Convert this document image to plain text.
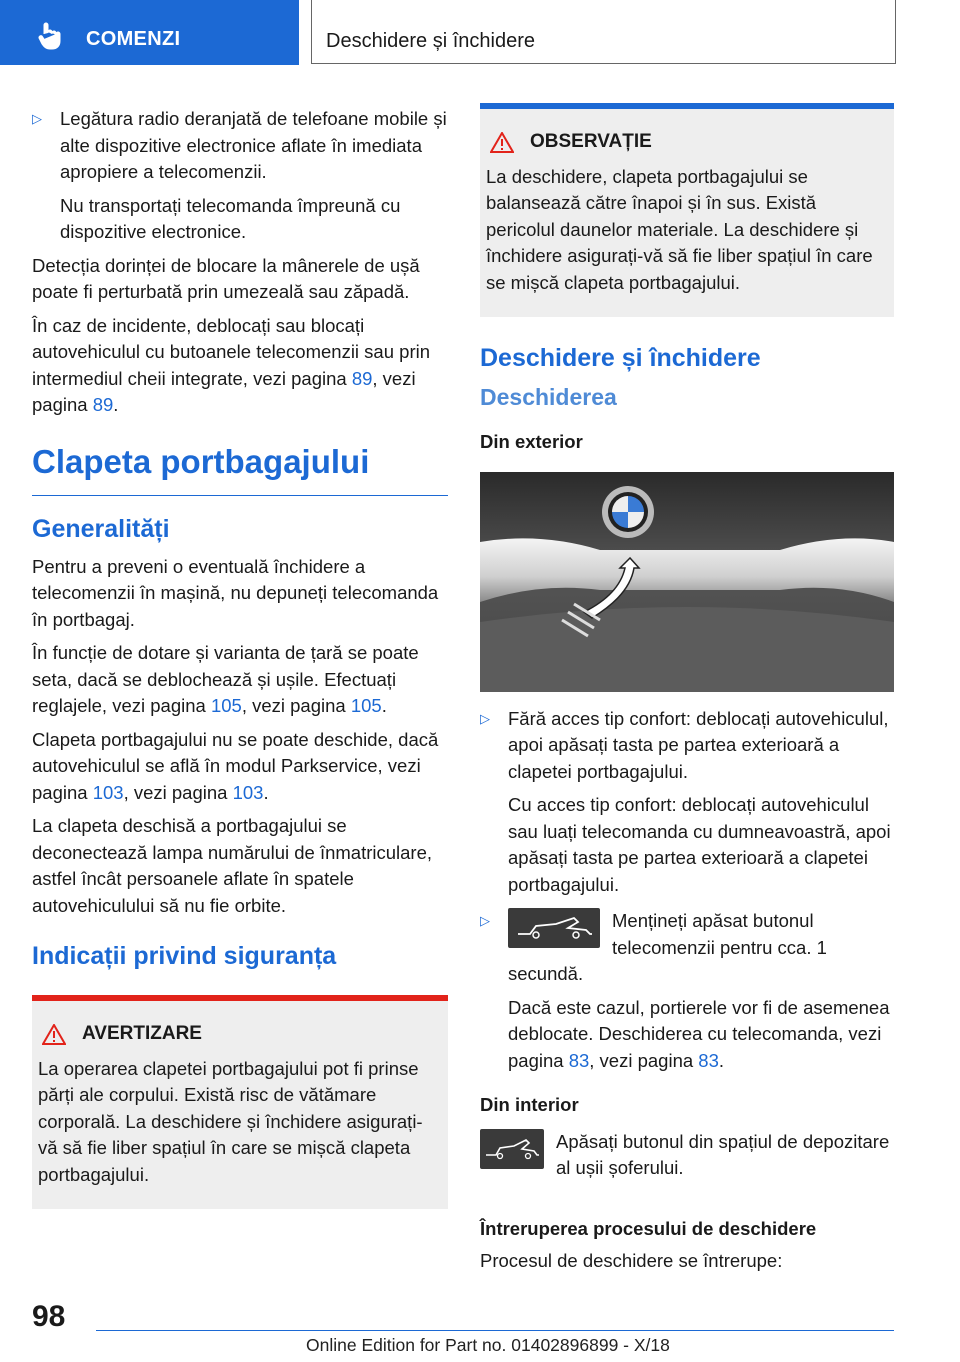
COMENZI	Deschidere și închidere
▷ Legătura radio deranjată de telefoane mobile și alte dispozitive electronice aflate în imediata apropiere a telecomenzii.

Nu transportați telecomanda împreună cu dispozitive electronice.

Detecția dorinței de blocare la mânerele de ușă poate fi perturbată prin umezeală sau zăpadă.

În caz de incidente, deblocați sau blocați autovehiculul cu butoanele telecomenzii sau prin intermediul cheii integrate, vezi pagina 89, vezi pagina 89.

Clapeta portbagajului
Generalități

Pentru a preveni o eventuală închidere a telecomenzii în mașină, nu depuneți telecomanda în portbagaj.

În funcție de dotare și varianta de țară se poate seta, dacă se deblochează și ușile. Efectuați reglajele, vezi pagina 105, vezi pagina 105.

Clapeta portbagajului nu se poate deschide, dacă autovehiculul se află în modul Parkservice, vezi pagina 103, vezi pagina 103.

La clapeta deschisă a portbagajului se deconectează lampa numărului de înmatriculare, astfel încât persoanele aflate în spatele autovehiculului să nu fie orbite.

Indicații privind siguranța
AVERTIZARE

La operarea clapetei portbagajului pot fi prinse părți ale corpului. Există risc de vătămare corporală. La deschidere și închidere asigurați-vă să fie liber spațiul în care se mișcă clapeta portbagajului.

OBSERVAȚIE

La deschidere, clapeta portbagajului se balansează către înapoi și în sus. Există pericolul daunelor materiale. La deschidere și închidere asigurați-vă să fie liber spațiul în care se mișcă clapeta portbagajului.

Deschidere și închidere
Deschiderea
Din exterior
▷ Fără acces tip confort: deblocați autovehiculul, apoi apăsați tasta pe partea exterioară a clapetei portbagajului.

Cu acces tip confort: deblocați autovehiculul sau luați telecomanda cu dumneavoastră, apoi apăsați tasta pe partea exterioară a clapetei portbagajului.

▷	Mențineți apăsat butonul telecomenzii pentru cca. 1 secundă.

Dacă este cazul, portierele vor fi de asemenea deblocate. Deschiderea cu telecomanda, vezi pagina 83, vezi pagina 83.

Din interior

Apăsați butonul din spațiul de depozitare al ușii șoferului.

Întreruperea procesului de deschidere

Procesul de deschidere se întrerupe:

98
Online Edition for Part no. 01402896899 - X/18
